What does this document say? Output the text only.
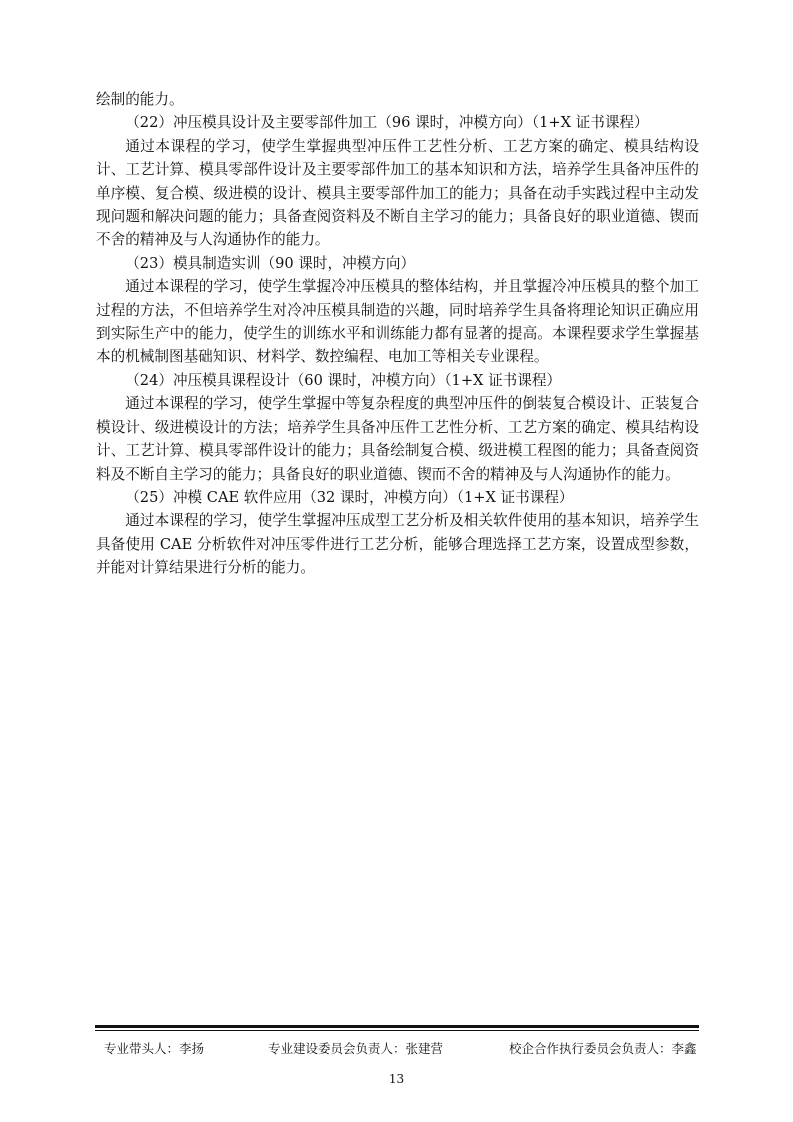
绘制的能力。

（22）冲压模具设计及主要零部件加工（96 课时，冲模方向）（1+X 证书课程）

通过本课程的学习，使学生掌握典型冲压件工艺性分析、工艺方案的确定、模具结构设计、工艺计算、模具零部件设计及主要零部件加工的基本知识和方法，培养学生具备冲压件的单序模、复合模、级进模的设计、模具主要零部件加工的能力；具备在动手实践过程中主动发现问题和解决问题的能力；具备查阅资料及不断自主学习的能力；具备良好的职业道德、锲而不舍的精神及与人沟通协作的能力。

（23）模具制造实训（90 课时，冲模方向）

通过本课程的学习，使学生掌握冷冲压模具的整体结构，并且掌握冷冲压模具的整个加工过程的方法，不但培养学生对冷冲压模具制造的兴趣，同时培养学生具备将理论知识正确应用到实际生产中的能力，使学生的训练水平和训练能力都有显著的提高。本课程要求学生掌握基本的机械制图基础知识、材料学、数控编程、电加工等相关专业课程。

（24）冲压模具课程设计（60 课时，冲模方向）（1+X 证书课程）

通过本课程的学习，使学生掌握中等复杂程度的典型冲压件的倒装复合模设计、正装复合模设计、级进模设计的方法；培养学生具备冲压件工艺性分析、工艺方案的确定、模具结构设计、工艺计算、模具零部件设计的能力；具备绘制复合模、级进模工程图的能力；具备查阅资料及不断自主学习的能力；具备良好的职业道德、锲而不舍的精神及与人沟通协作的能力。

（25）冲模 CAE 软件应用（32 课时，冲模方向）（1+X 证书课程）

通过本课程的学习，使学生掌握冲压成型工艺分析及相关软件使用的基本知识，培养学生具备使用 CAE 分析软件对冲压零件进行工艺分析，能够合理选择工艺方案，设置成型参数，并能对计算结果进行分析的能力。

专业带头人：李扬	专业建设委员会负责人：张建营	校企合作执行委员会负责人：李鑫
13
